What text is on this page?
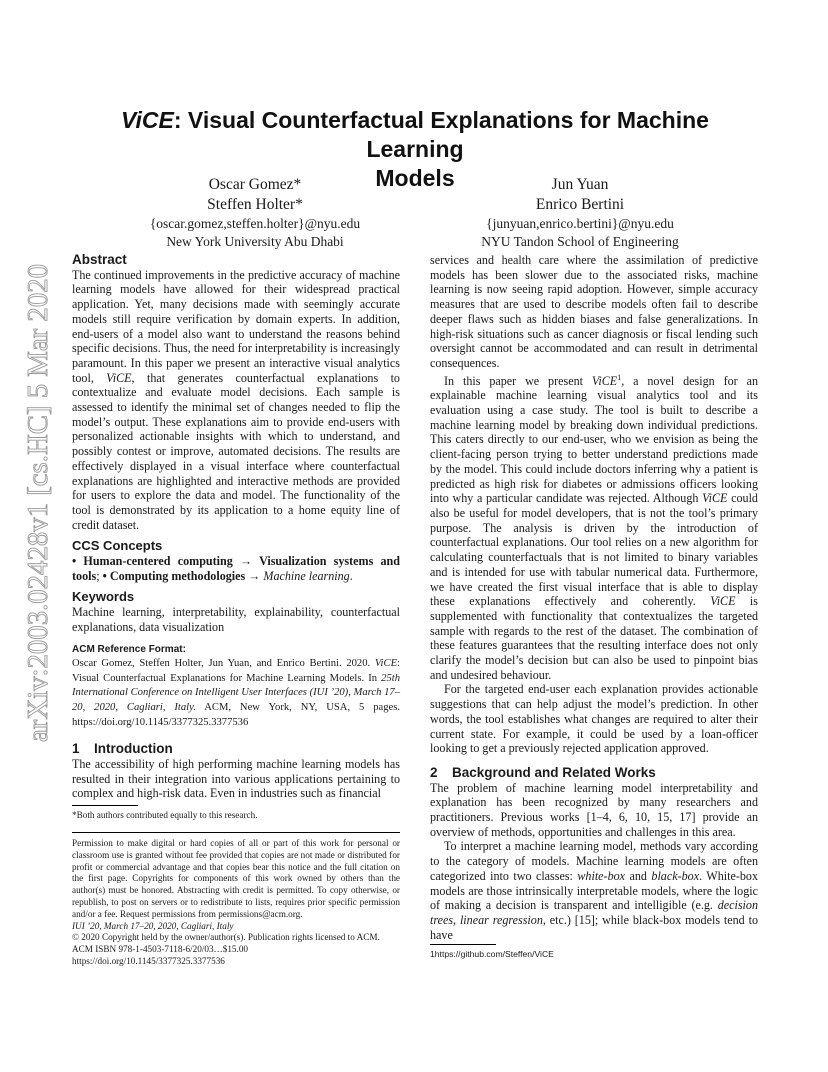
arXiv:2003.02428v1 [cs.HC] 5 Mar 2020
ViCE: Visual Counterfactual Explanations for Machine Learning
Models
Oscar Gomez*
Steffen Holter*
{oscar.gomez,steffen.holter}@nyu.edu
New York University Abu Dhabi
Jun Yuan
Enrico Bertini
{junyuan,enrico.bertini}@nyu.edu
NYU Tandon School of Engineering

Abstract

The continued improvements in the predictive accuracy of machine learning models have allowed for their widespread practical application. Yet, many decisions made with seemingly accurate models still require verification by domain experts. In addition, end-users of a model also want to understand the reasons behind specific decisions. Thus, the need for interpretability is increasingly paramount. In this paper we present an interactive visual analytics tool, ViCE, that generates counterfactual explanations to contextualize and evaluate model decisions. Each sample is assessed to identify the minimal set of changes needed to flip the model’s output. These explanations aim to provide end-users with personalized actionable insights with which to understand, and possibly contest or improve, automated decisions. The results are effectively displayed in a visual interface where counterfactual explanations are highlighted and interactive methods are provided for users to explore the data and model. The functionality of the tool is demonstrated by its application to a home equity line of credit dataset.

CCS Concepts

• Human-centered computing → Visualization systems and tools; • Computing methodologies → Machine learning.

Keywords

Machine learning, interpretability, explainability, counterfactual explanations, data visualization

ACM Reference Format:

Oscar Gomez, Steffen Holter, Jun Yuan, and Enrico Bertini. 2020. ViCE: Visual Counterfactual Explanations for Machine Learning Models. In 25th International Conference on Intelligent User Interfaces (IUI ’20), March 17–20, 2020, Cagliari, Italy. ACM, New York, NY, USA, 5 pages. https://doi.org/10.1145/3377325.3377536

1 Introduction

The accessibility of high performing machine learning models has resulted in their integration into various applications pertaining to complex and high-risk data. Even in industries such as financial

*Both authors contributed equally to this research.
Permission to make digital or hard copies of all or part of this work for personal or classroom use is granted without fee provided that copies are not made or distributed for profit or commercial advantage and that copies bear this notice and the full citation on the first page. Copyrights for components of this work owned by others than the author(s) must be honored. Abstracting with credit is permitted. To copy otherwise, or republish, to post on servers or to redistribute to lists, requires prior specific permission and/or a fee. Request permissions from permissions@acm.org.
IUI ’20, March 17–20, 2020, Cagliari, Italy
© 2020 Copyright held by the owner/author(s). Publication rights licensed to ACM.
ACM ISBN 978-1-4503-7118-6/20/03…$15.00
https://doi.org/10.1145/3377325.3377536

services and health care where the assimilation of predictive models has been slower due to the associated risks, machine learning is now seeing rapid adoption. However, simple accuracy measures that are used to describe models often fail to describe deeper flaws such as hidden biases and false generalizations. In high-risk situations such as cancer diagnosis or fiscal lending such oversight cannot be accommodated and can result in detrimental consequences.

In this paper we present ViCE$^1$, a novel design for an explainable machine learning visual analytics tool and its evaluation using a case study. The tool is built to describe a machine learning model by breaking down individual predictions. This caters directly to our end-user, who we envision as being the client-facing person trying to better understand predictions made by the model. This could include doctors inferring why a patient is predicted as high risk for diabetes or admissions officers looking into why a particular candidate was rejected. Although ViCE could also be useful for model developers, that is not the tool’s primary purpose. The analysis is driven by the introduction of counterfactual explanations. Our tool relies on a new algorithm for calculating counterfactuals that is not limited to binary variables and is intended for use with tabular numerical data. Furthermore, we have created the first visual interface that is able to display these explanations effectively and coherently. ViCE is supplemented with functionality that contextualizes the targeted sample with regards to the rest of the dataset. The combination of these features guarantees that the resulting interface does not only clarify the model’s decision but can also be used to pinpoint bias and undesired behaviour.

For the targeted end-user each explanation provides actionable suggestions that can help adjust the model’s prediction. In other words, the tool establishes what changes are required to alter their current state. For example, it could be used by a loan-officer looking to get a previously rejected application approved.

2 Background and Related Works

The problem of machine learning model interpretability and explanation has been recognized by many researchers and practitioners. Previous works [1–4, 6, 10, 15, 17] provide an overview of methods, opportunities and challenges in this area.

To interpret a machine learning model, methods vary according to the category of models. Machine learning models are often categorized into two classes: white-box and black-box. White-box models are those intrinsically interpretable models, where the logic of making a decision is transparent and intelligible (e.g. decision trees, linear regression, etc.) [15]; while black-box models tend to have

1https://github.com/Steffen/ViCE
